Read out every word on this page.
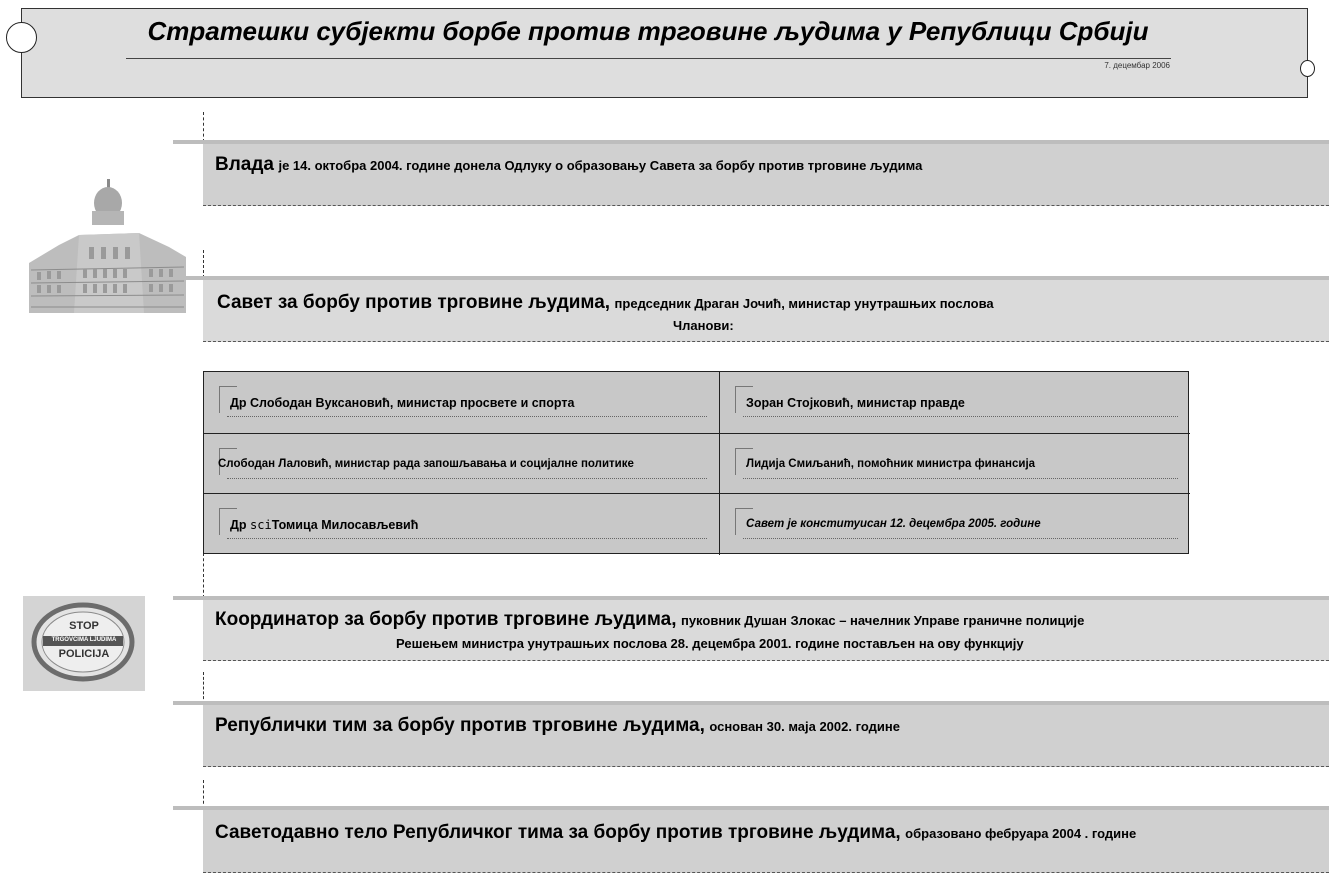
Стратешки субјекти борбе против трговине људима у Републици Србији
7. децембар 2006
Влада је 14. октобра 2004. године донела Одлуку о образовању Савета за борбу против трговине људима
Савет за борбу против трговине људима, председник Драган Јочић, министар унутрашњих послова
Чланови:
Др Слободан Вуксановић, министар просвете и спорта	Зоран Стојковић, министар правде
Слободан Лаловић, министар рада запошљавања и социјалне политике	Лидија Смиљанић, помоћник министра финансија
Др sciТомица Милосављевић	Савет је конституисан 12. децембра 2005. године
Координатор за борбу против трговине људима, пуковник Душан Злокас – начелник Управе граничне полиције
Решењем министра унутрашњих послова 28. децембра 2001. године постављен на ову функцију
Републички тим за борбу против трговине људима, основан 30. маја 2002. године
Саветодавно тело Републичког тима за борбу против трговине људима, образовано фебруара 2004 . године
STOP
TRGOVCIMA LJUDIMA
POLICIJA
